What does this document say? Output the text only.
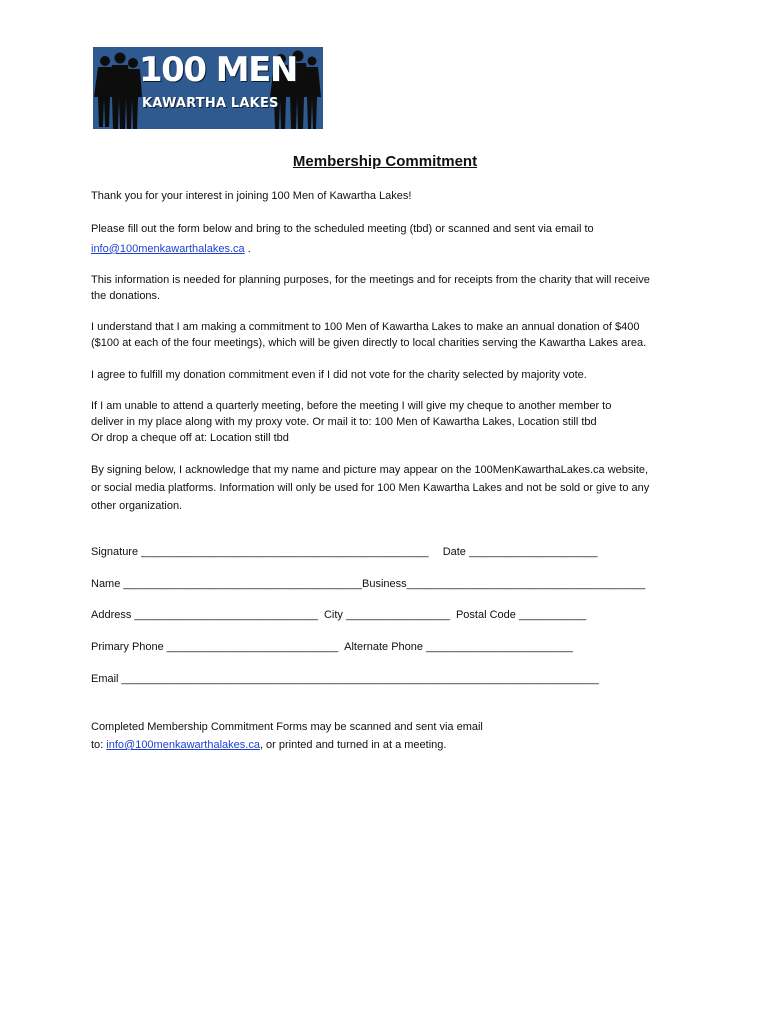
100 MEN
KAWARTHA LAKES
Membership Commitment

Thank you for your interest in joining 100 Men of Kawartha Lakes!

Please fill out the form below and bring to the scheduled meeting (tbd) or scanned and sent via email to
info@100menkawarthalakes.ca .

This information is needed for planning purposes, for the meetings and for receipts from the charity that will receive
the donations.

I understand that I am making a commitment to 100 Men of Kawartha Lakes to make an annual donation of $400
($100 at each of the four meetings), which will be given directly to local charities serving the Kawartha Lakes area.

I agree to fulfill my donation commitment even if I did not vote for the charity selected by majority vote.

If I am unable to attend a quarterly meeting, before the meeting I will give my cheque to another member to
deliver in my place along with my proxy vote. Or mail it to: 100 Men of Kawartha Lakes, Location still tbd
Or drop a cheque off at: Location still tbd

By signing below, I acknowledge that my name and picture may appear on the 100MenKawarthaLakes.ca website,
or social media platforms. Information will only be used for 100 Men Kawartha Lakes and not be sold or give to any
other organization.

Signature _______________________________________________ Date _____________________
Name _______________________________________Business_______________________________________
Address ______________________________ City _________________ Postal Code ___________
Primary Phone ____________________________ Alternate Phone ________________________
Email ______________________________________________________________________________

Completed Membership Commitment Forms may be scanned and sent via email
to: info@100menkawarthalakes.ca, or printed and turned in at a meeting.
